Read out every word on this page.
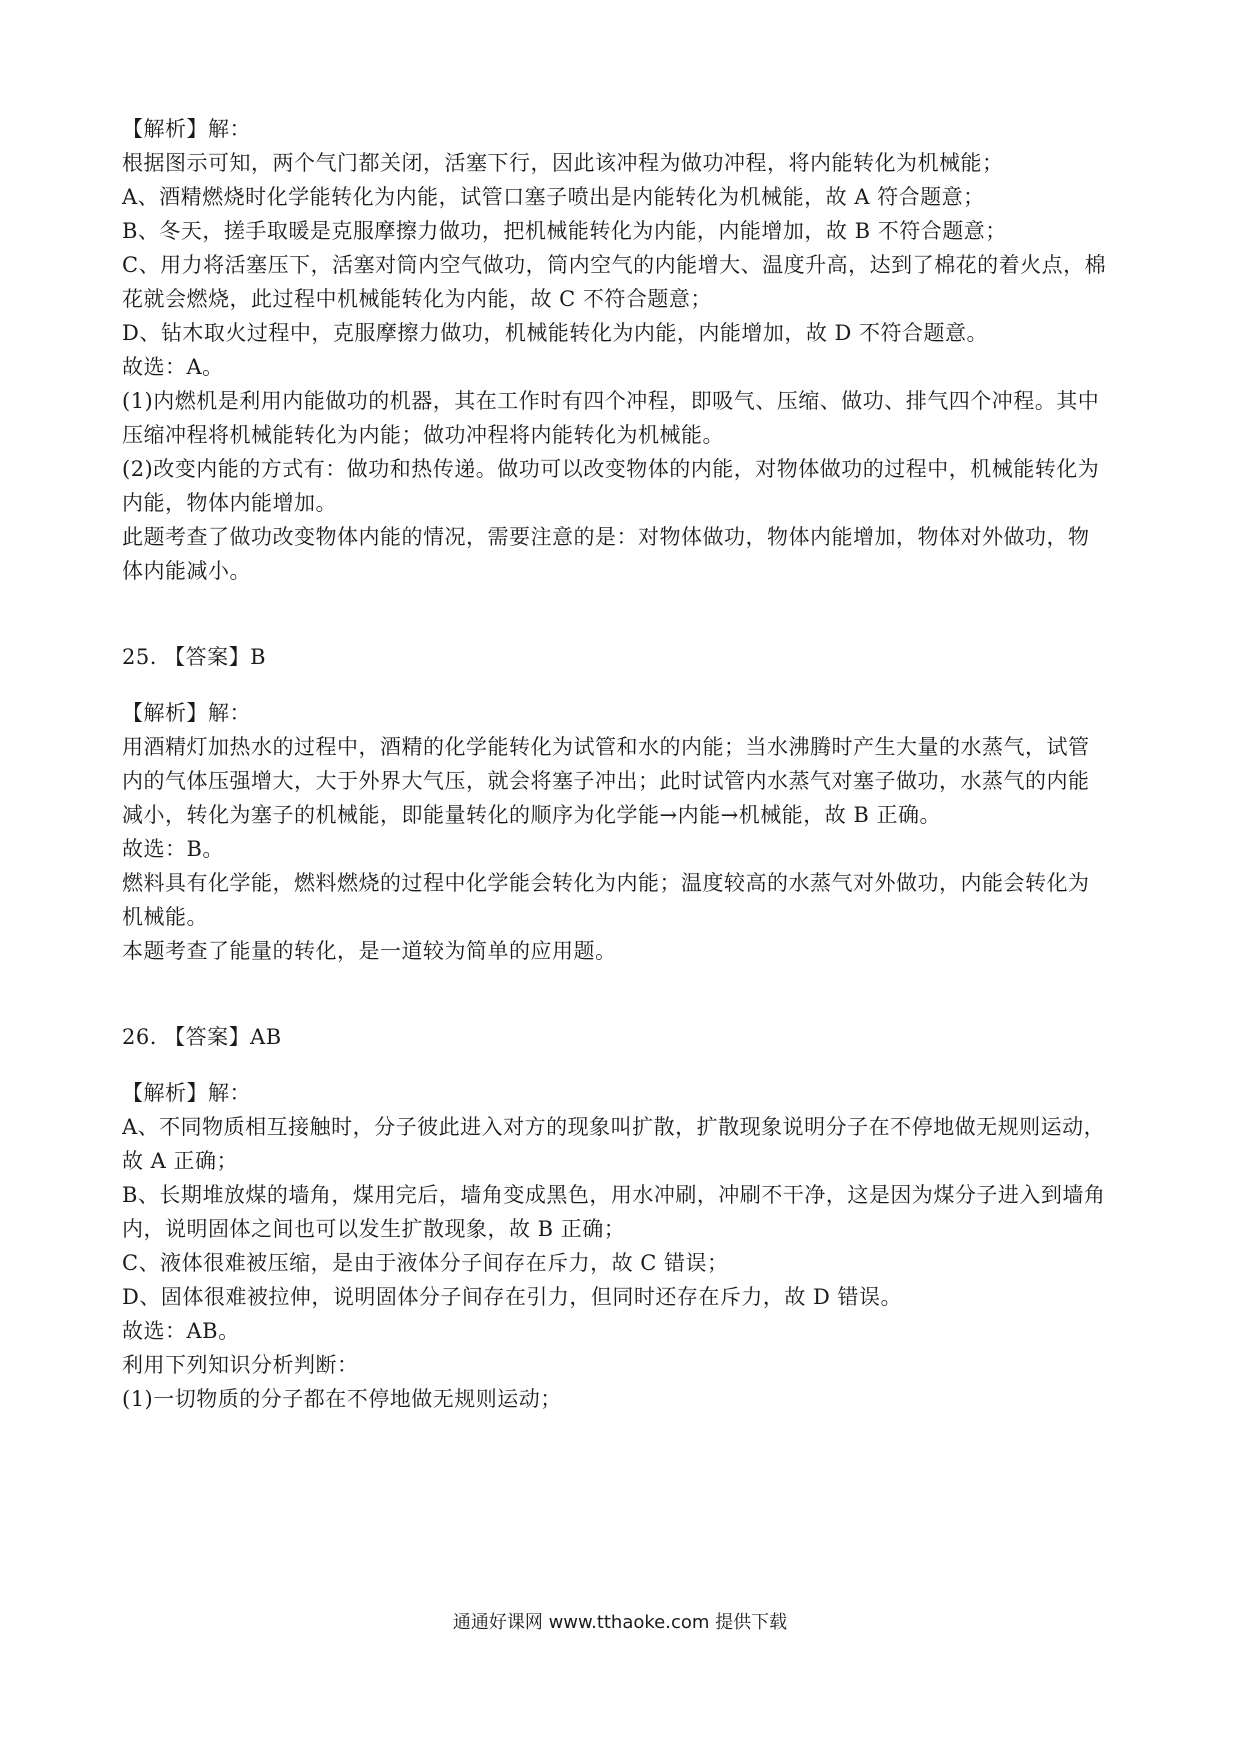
【解析】解：
根据图示可知，两个气门都关闭，活塞下行，因此该冲程为做功冲程，将内能转化为机械能；
A、酒精燃烧时化学能转化为内能，试管口塞子喷出是内能转化为机械能，故 A 符合题意；
B、冬天，搓手取暖是克服摩擦力做功，把机械能转化为内能，内能增加，故 B 不符合题意；
C、用力将活塞压下，活塞对筒内空气做功，筒内空气的内能增大、温度升高，达到了棉花的着火点，棉
花就会燃烧，此过程中机械能转化为内能，故 C 不符合题意；
D、钻木取火过程中，克服摩擦力做功，机械能转化为内能，内能增加，故 D 不符合题意。
故选：A。
(1)内燃机是利用内能做功的机器，其在工作时有四个冲程，即吸气、压缩、做功、排气四个冲程。其中
压缩冲程将机械能转化为内能；做功冲程将内能转化为机械能。
(2)改变内能的方式有：做功和热传递。做功可以改变物体的内能，对物体做功的过程中，机械能转化为
内能，物体内能增加。
此题考查了做功改变物体内能的情况，需要注意的是：对物体做功，物体内能增加，物体对外做功，物
体内能减小。
25. 【答案】B
【解析】解：
用酒精灯加热水的过程中，酒精的化学能转化为试管和水的内能；当水沸腾时产生大量的水蒸气，试管
内的气体压强增大，大于外界大气压，就会将塞子冲出；此时试管内水蒸气对塞子做功，水蒸气的内能
减小，转化为塞子的机械能，即能量转化的顺序为化学能→内能→机械能，故 B 正确。
故选：B。
燃料具有化学能，燃料燃烧的过程中化学能会转化为内能；温度较高的水蒸气对外做功，内能会转化为
机械能。
本题考查了能量的转化，是一道较为简单的应用题。
26. 【答案】AB
【解析】解：
A、不同物质相互接触时，分子彼此进入对方的现象叫扩散，扩散现象说明分子在不停地做无规则运动，
故 A 正确；
B、长期堆放煤的墙角，煤用完后，墙角变成黑色，用水冲刷，冲刷不干净，这是因为煤分子进入到墙角
内，说明固体之间也可以发生扩散现象，故 B 正确；
C、液体很难被压缩，是由于液体分子间存在斥力，故 C 错误；
D、固体很难被拉伸，说明固体分子间存在引力，但同时还存在斥力，故 D 错误。
故选：AB。
利用下列知识分析判断：
(1)一切物质的分子都在不停地做无规则运动；
通通好课网 www.tthaoke.com 提供下载
